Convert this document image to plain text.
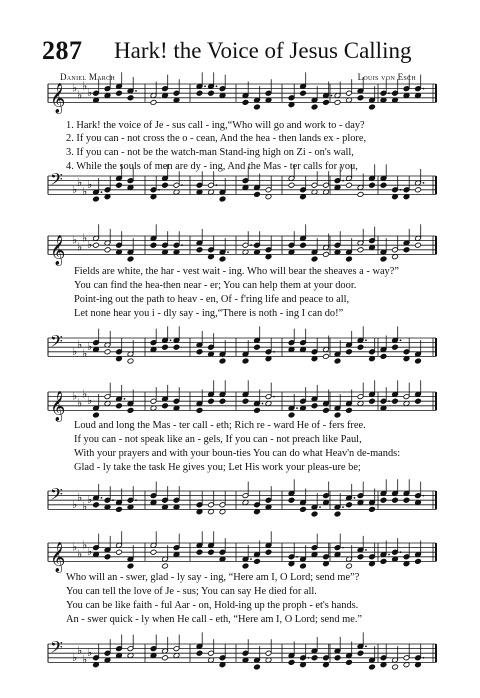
287 Hark! the Voice of Jesus Calling
Daniel March	Louis von Esch
𝄞 ♭
♭
♭
♭
𝄢 ♭
♭
♭
♭
1. Hark! the voice of Je - sus call - ing,“Who will go and work to - day?
2. If you can - not cross the o - cean, And the hea - then lands ex - plore,
3. If you can - not be the watch-man Stand-ing high on Zi - on's wall,
4. While the souls of men are dy - ing, And the Mas - ter calls for you,
𝄞 ♭
♭
♭
♭
𝄢 ♭
♭
♭
♭
Fields are white, the har - vest wait - ing. Who will bear the sheaves a - way?”
You can find the hea-then near - er; You can help them at your door.
Point-ing out the path to heav - en, Of - f'ring life and peace to all,
Let none hear you i - dly say - ing,“There is noth - ing I can do!”
𝄞 ♭
♭
♭
♭
𝄢 ♭
♭
♭
♭
Loud and long the Mas - ter call - eth; Rich re - ward He of - fers free.
If you can - not speak like an - gels, If you can - not preach like Paul,
With your prayers and with your boun-ties You can do what Heav'n de-mands:
Glad - ly take the task He gives you; Let His work your pleas-ure be;
𝄞 ♭
♭
♭
♭
𝄢 ♭
♭
♭
♭
Who will an - swer, glad - ly say - ing, “Here am I, O Lord; send me”?
You can tell the love of Je - sus; You can say He died for all.
You can be like faith - ful Aar - on, Hold-ing up the proph - et's hands.
An - swer quick - ly when He call - eth, “Here am I, O Lord; send me.”
